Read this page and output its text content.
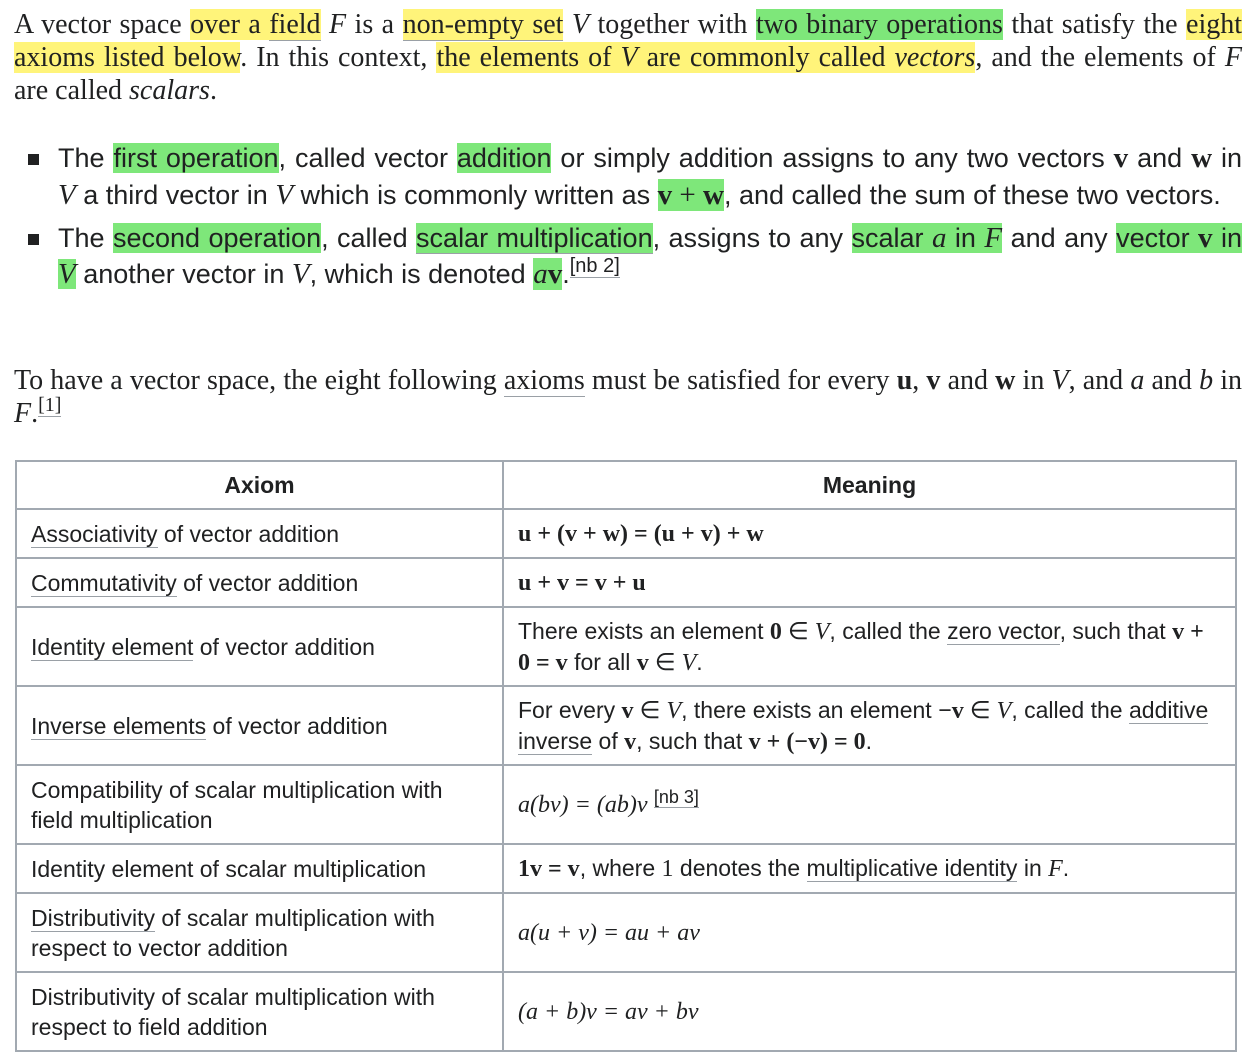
A vector space over a field F is a non-empty set V together with two binary operations that satisfy the eight axioms listed below. In this context, the elements of V are commonly called vectors, and the elements of F are called scalars.

The first operation, called vector addition or simply addition assigns to any two vectors v and w in V a third vector in V which is commonly written as v + w, and called the sum of these two vectors.
The second operation, called scalar multiplication, assigns to any scalar a in F and any vector v in V another vector in V, which is denoted av.[nb 2]

To have a vector space, the eight following axioms must be satisfied for every u, v and w in V, and a and b in F.[1]

Axiom	Meaning
Associativity of vector addition	u + (v + w) = (u + v) + w
Commutativity of vector addition	u + v = v + u
Identity element of vector addition	There exists an element 0 ∈ V, called the zero vector, such that v + 0 = v for all v ∈ V.
Inverse elements of vector addition	For every v ∈ V, there exists an element −v ∈ V, called the additive inverse of v, such that v + (−v) = 0.
Compatibility of scalar multiplication with field multiplication	a(bv) = (ab)v [nb 3]
Identity element of scalar multiplication	1v = v, where 1 denotes the multiplicative identity in F.
Distributivity of scalar multiplication with respect to vector addition	a(u + v) = au + av
Distributivity of scalar multiplication with respect to field addition	(a + b)v = av + bv
